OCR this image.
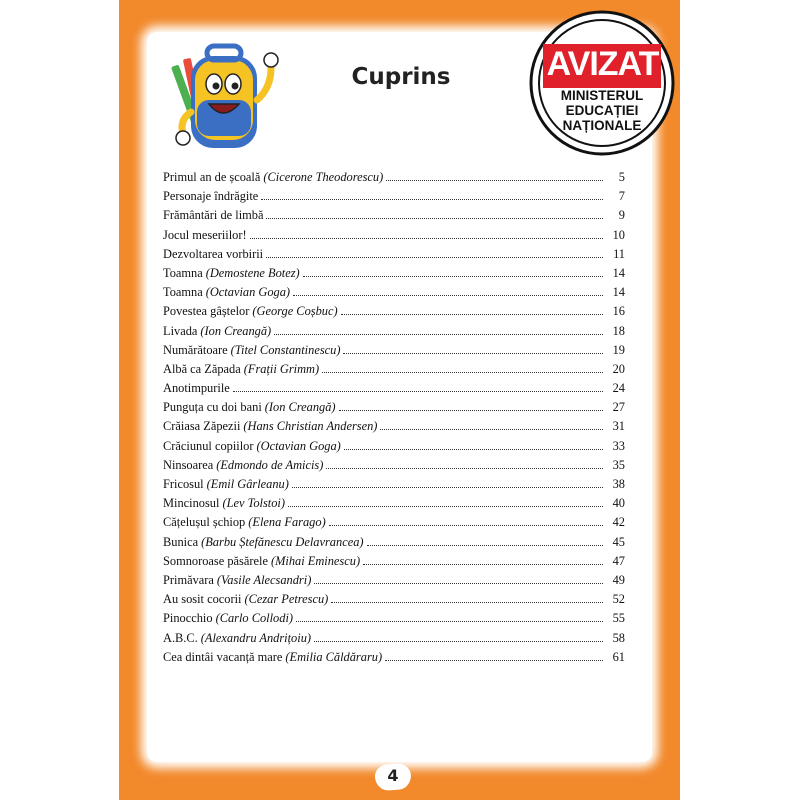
Cuprins	AVIZAT
MINISTERUL
EDUCAȚIEI
NAȚIONALE
Primul an de școală (Cicerone Theodorescu)	5
Personaje îndrăgite	7
Frământări de limbă	9
Jocul meseriilor!	10
Dezvoltarea vorbirii	11
Toamna (Demostene Botez)	14
Toamna (Octavian Goga)	14
Povestea gâștelor (George Coșbuc)	16
Livada (Ion Creangă)	18
Numărătoare (Titel Constantinescu)	19
Albă ca Zăpada (Frații Grimm)	20
Anotimpurile	24
Punguța cu doi bani (Ion Creangă)	27
Crăiasa Zăpezii (Hans Christian Andersen)	31
Crăciunul copiilor (Octavian Goga)	33
Ninsoarea (Edmondo de Amicis)	35
Fricosul (Emil Gârleanu)	38
Mincinosul (Lev Tolstoi)	40
Cățelușul șchiop (Elena Farago)	42
Bunica (Barbu Ștefănescu Delavrancea)	45
Somnoroase păsărele (Mihai Eminescu)	47
Primăvara (Vasile Alecsandri)	49
Au sosit cocorii (Cezar Petrescu)	52
Pinocchio (Carlo Collodi)	55
A.B.C. (Alexandru Andrițoiu)	58
Cea dintâi vacanță mare (Emilia Căldăraru)	61
4
